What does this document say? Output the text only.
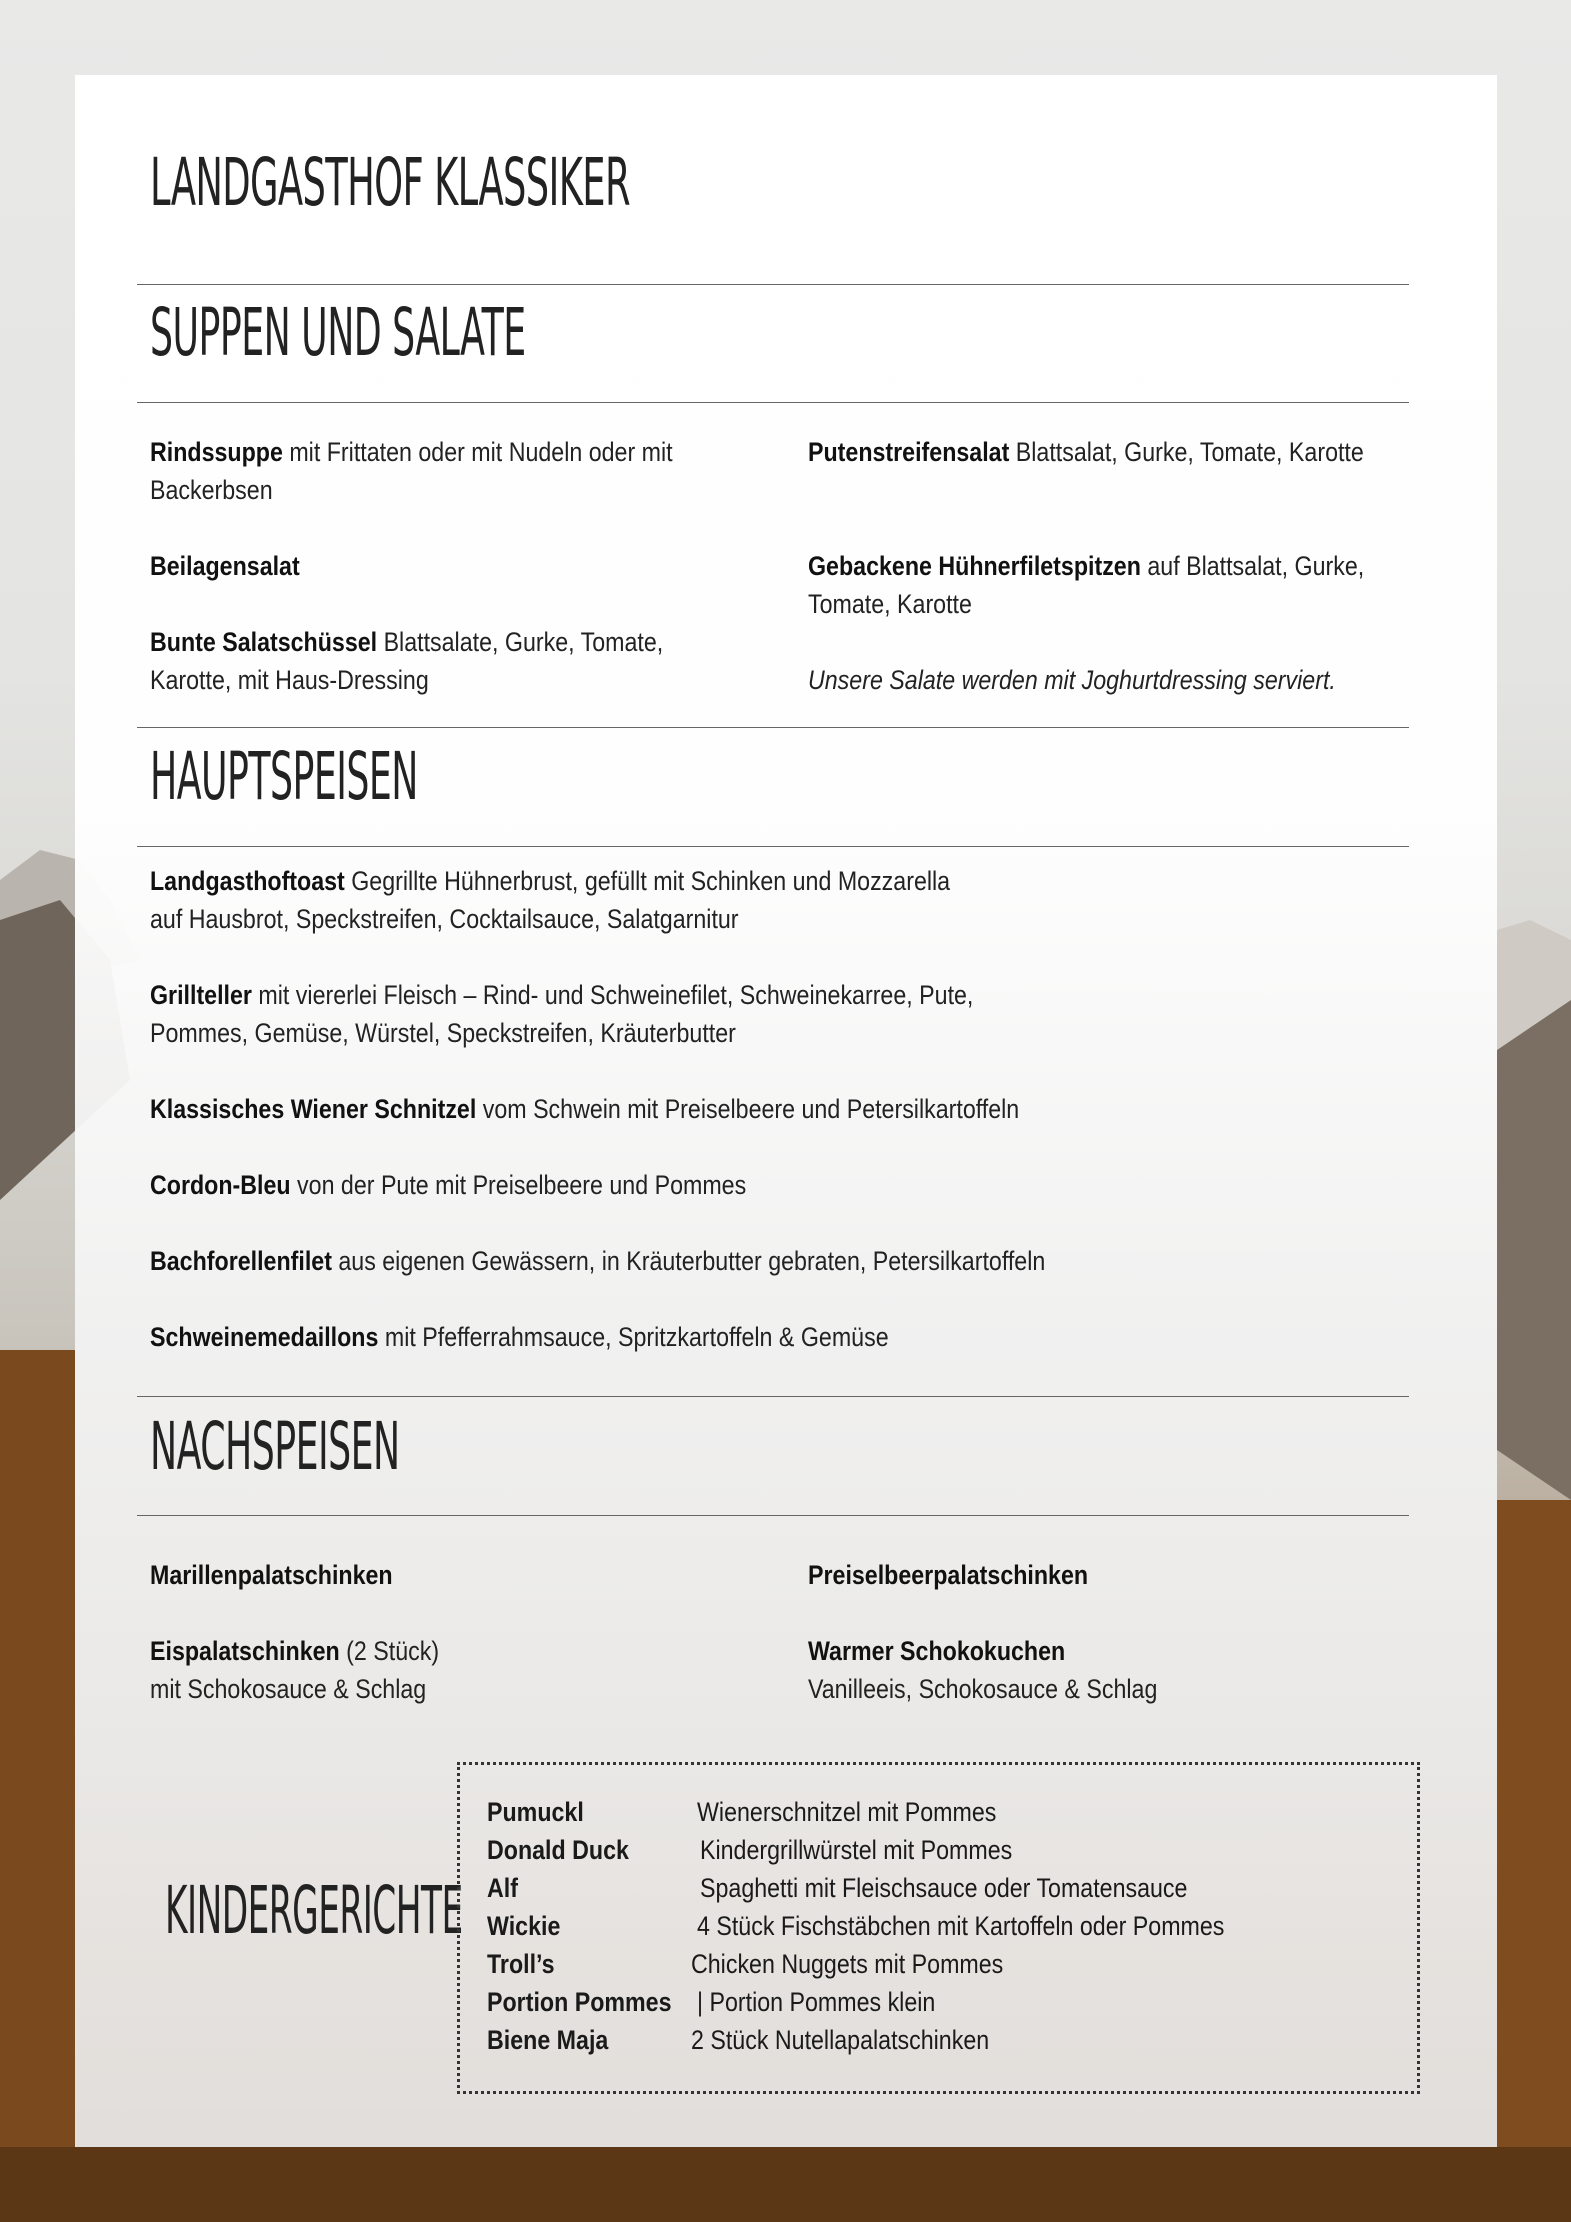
LANDGASTHOF KLASSIKER
SUPPEN UND SALATE
Rindssuppe mit Frittaten oder mit Nudeln oder mit
Backerbsen
Beilagensalat
Bunte Salatschüssel Blattsalate, Gurke, Tomate,
Karotte, mit Haus-Dressing
Putenstreifensalat Blattsalat, Gurke, Tomate, Karotte
Gebackene Hühnerfiletspitzen auf Blattsalat, Gurke,
Tomate, Karotte
Unsere Salate werden mit Joghurtdressing serviert.
HAUPTSPEISEN
Landgasthoftoast Gegrillte Hühnerbrust, gefüllt mit Schinken und Mozzarella
auf Hausbrot, Speckstreifen, Cocktailsauce, Salatgarnitur
Grillteller mit viererlei Fleisch – Rind- und Schweinefilet, Schweinekarree, Pute,
Pommes, Gemüse, Würstel, Speckstreifen, Kräuterbutter
Klassisches Wiener Schnitzel vom Schwein mit Preiselbeere und Petersilkartoffeln
Cordon-Bleu von der Pute mit Preiselbeere und Pommes
Bachforellenfilet aus eigenen Gewässern, in Kräuterbutter gebraten, Petersilkartoffeln
Schweinemedaillons mit Pfefferrahmsauce, Spritzkartoffeln & Gemüse
NACHSPEISEN
Marillenpalatschinken
Eispalatschinken (2 Stück)
mit Schokosauce & Schlag
Preiselbeerpalatschinken
Warmer Schokokuchen
Vanilleeis, Schokosauce & Schlag
KINDERGERICHTE
Pumuckl	Wienerschnitzel mit Pommes
Donald Duck	Kindergrillwürstel mit Pommes
Alf	Spaghetti mit Fleischsauce oder Tomatensauce
Wickie	4 Stück Fischstäbchen mit Kartoffeln oder Pommes
Troll’s	Chicken Nuggets mit Pommes
Portion Pommes | Portion Pommes klein
Biene Maja	2 Stück Nutellapalatschinken
